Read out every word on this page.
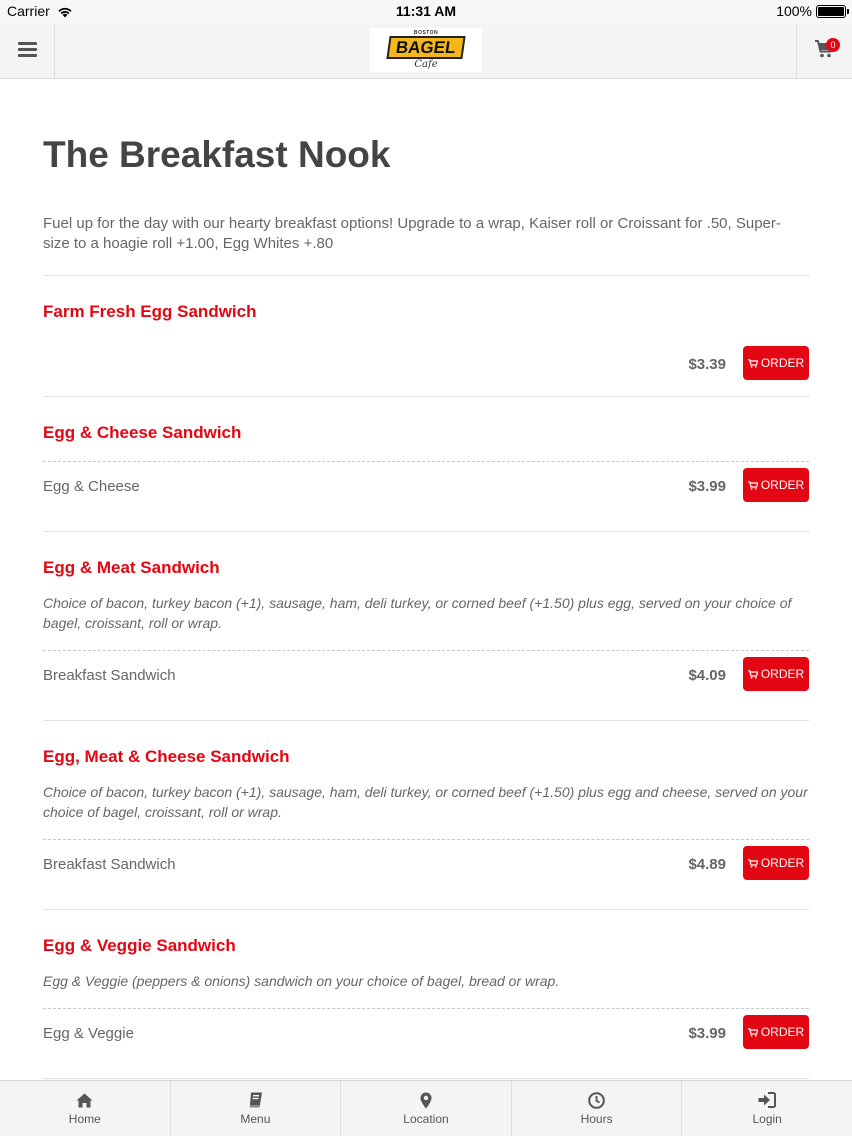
Carrier	11:31 AM	100%
BOSTON
BAGEL
Cafe
0
The Breakfast Nook

Fuel up for the day with our hearty breakfast options! Upgrade to a wrap, Kaiser roll or Croissant for .50, Super-size to a hoagie roll +1.00, Egg Whites +.80

Farm Fresh Egg Sandwich
$3.39	ORDER
Egg & Cheese Sandwich
Egg & Cheese	$3.99	ORDER
Egg & Meat Sandwich
Choice of bacon, turkey bacon (+1), sausage, ham, deli turkey, or corned beef (+1.50) plus egg, served on your choice of bagel, croissant, roll or wrap.
Breakfast Sandwich	$4.09	ORDER
Egg, Meat & Cheese Sandwich
Choice of bacon, turkey bacon (+1), sausage, ham, deli turkey, or corned beef (+1.50) plus egg and cheese, served on your choice of bagel, croissant, roll or wrap.
Breakfast Sandwich	$4.89	ORDER
Egg & Veggie Sandwich
Egg & Veggie (peppers & onions) sandwich on your choice of bagel, bread or wrap.
Egg & Veggie	$3.99	ORDER
Home	Menu	Location	Hours	Login
